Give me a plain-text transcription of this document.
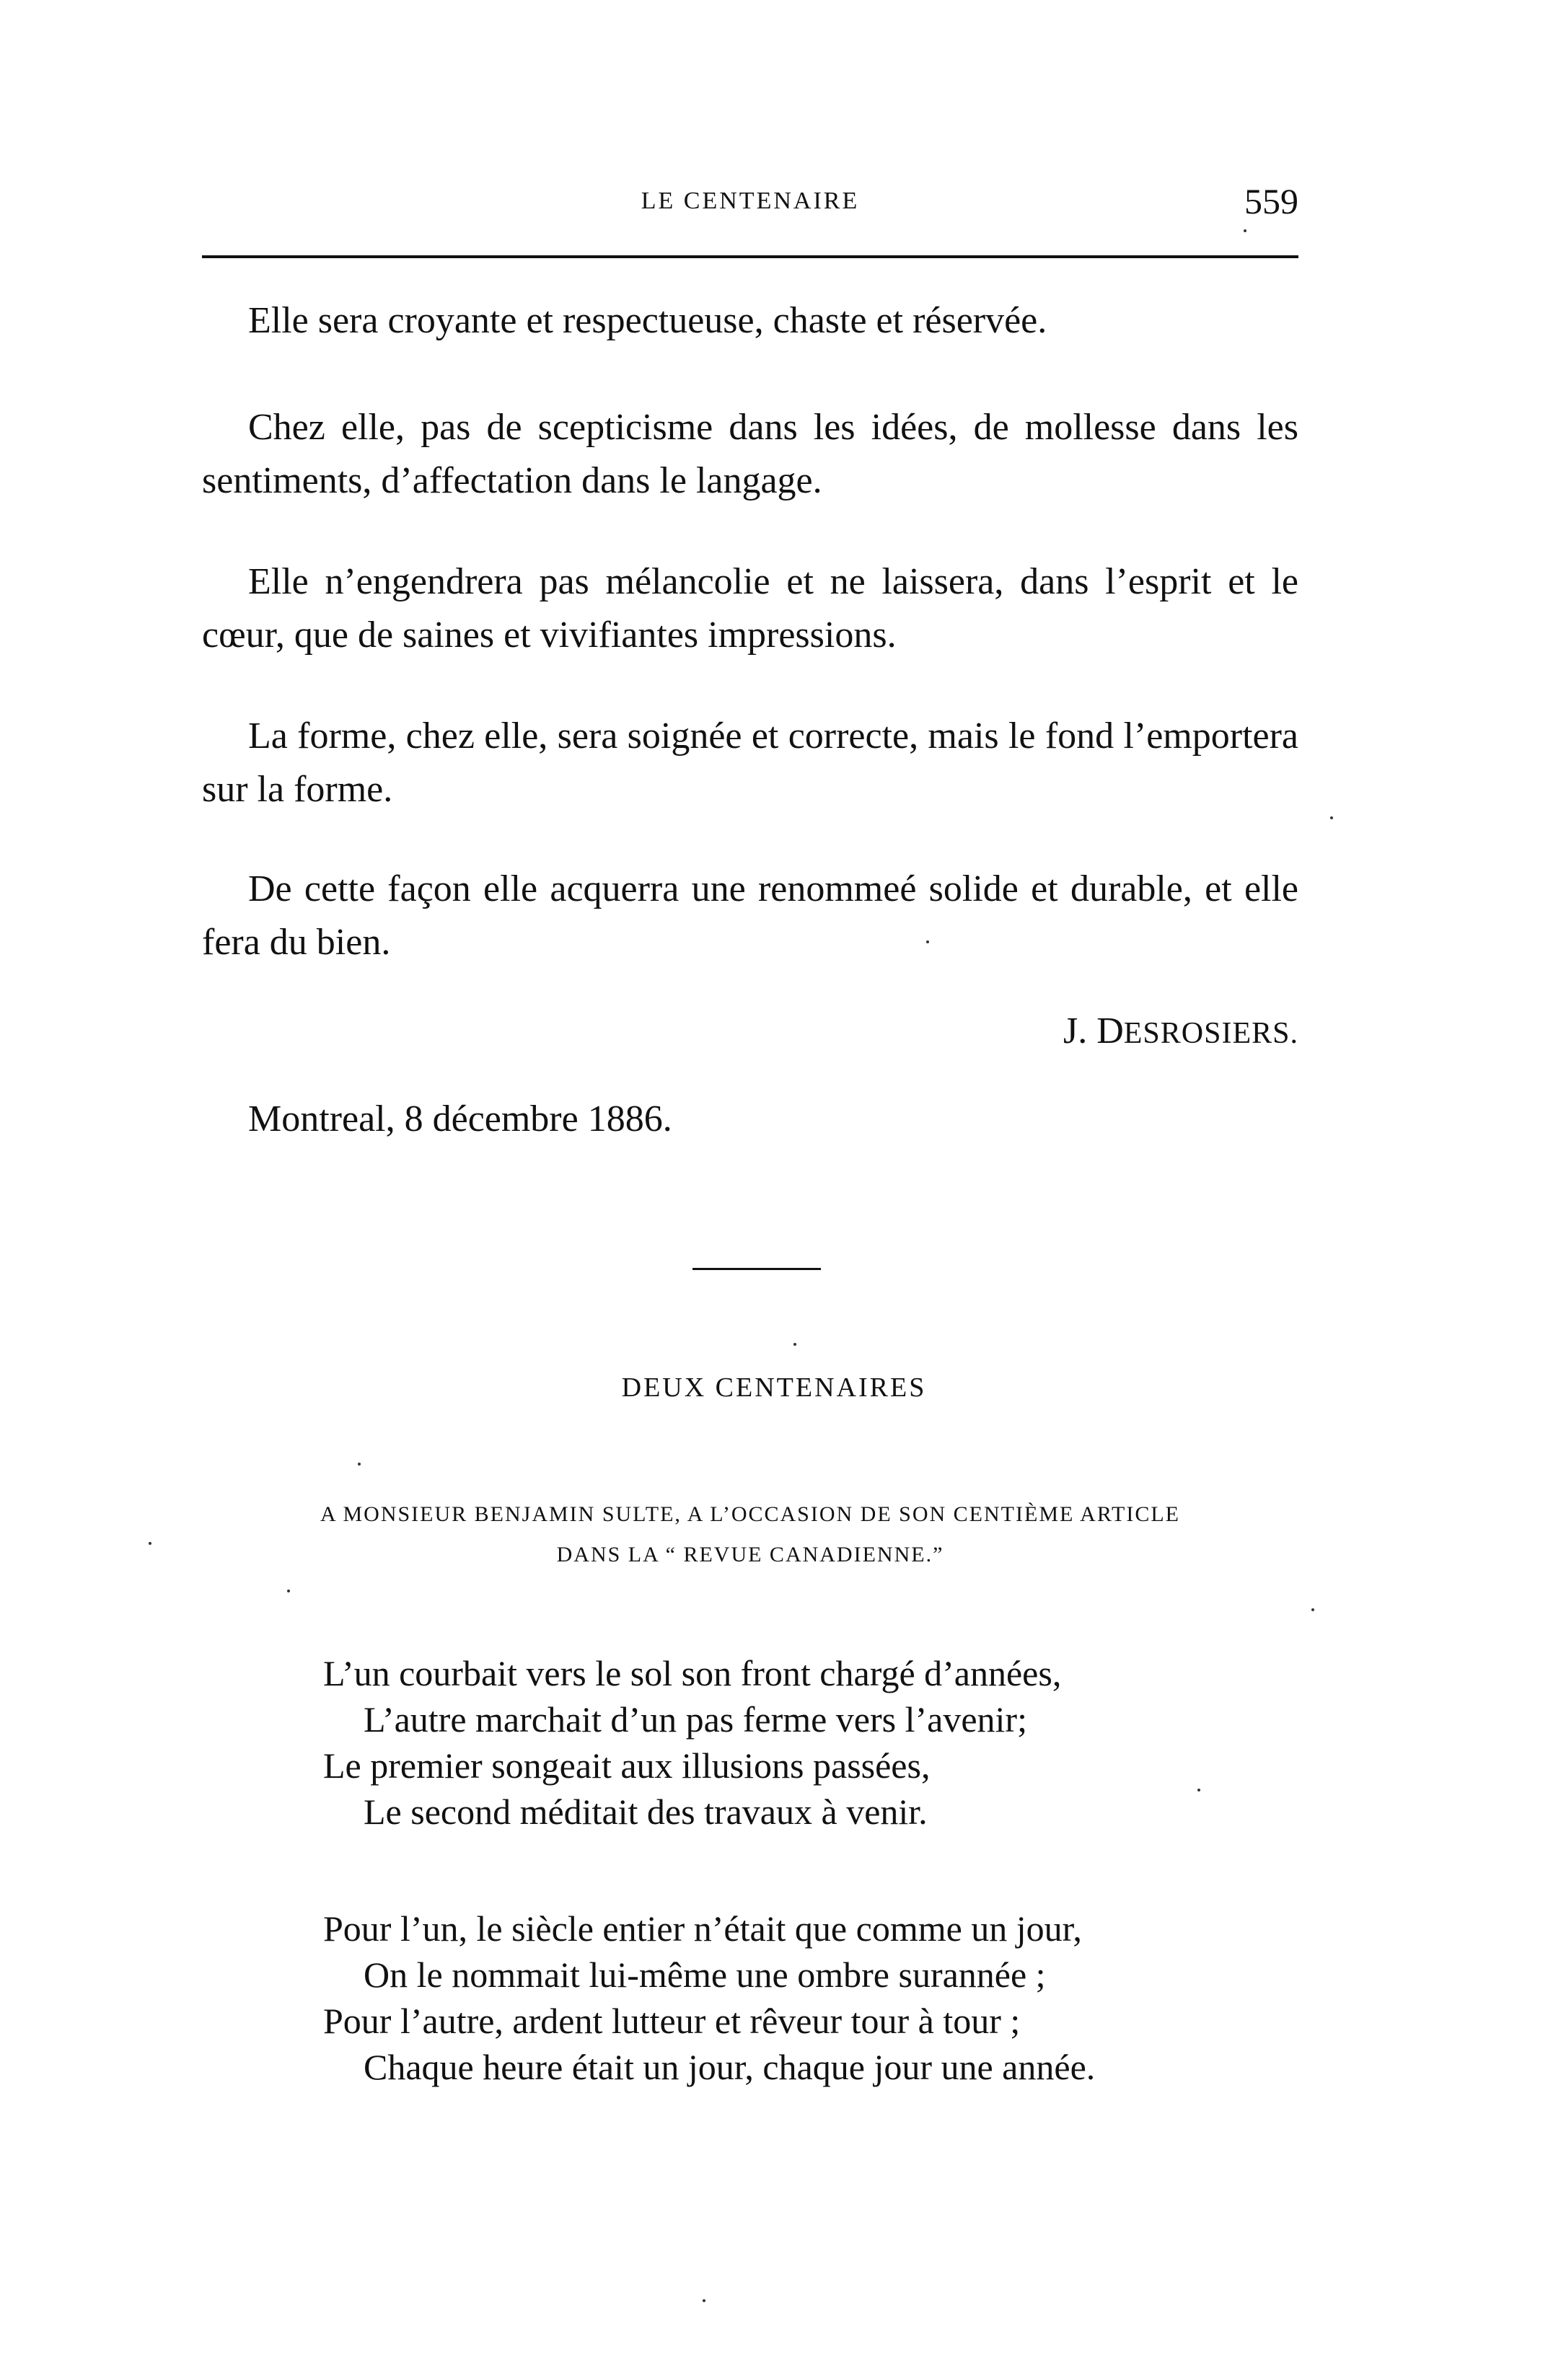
LE CENTENAIRE	559

Elle sera croyante et respectueuse, chaste et réservée.

Chez elle, pas de scepticisme dans les idées, de mollesse dans les sentiments, d’affectation dans le langage.

Elle n’engendrera pas mélancolie et ne laissera, dans l’esprit et le cœur, que de saines et vivifiantes impressions.

La forme, chez elle, sera soignée et correcte, mais le fond l’emportera sur la forme.

De cette façon elle acquerra une renommeé solide et durable, et elle fera du bien.

J. DESROSIERS.
Montreal, 8 décembre 1886.
DEUX CENTENAIRES
A MONSIEUR BENJAMIN SULTE, A L’OCCASION DE SON CENTIÈME ARTICLE
DANS LA “ REVUE CANADIENNE.”
L’un courbait vers le sol son front chargé d’années,
L’autre marchait d’un pas ferme vers l’avenir;
Le premier songeait aux illusions passées,
Le second méditait des travaux à venir.
Pour l’un, le siècle entier n’était que comme un jour,
On le nommait lui-même une ombre surannée ;
Pour l’autre, ardent lutteur et rêveur tour à tour ;
Chaque heure était un jour, chaque jour une année.
